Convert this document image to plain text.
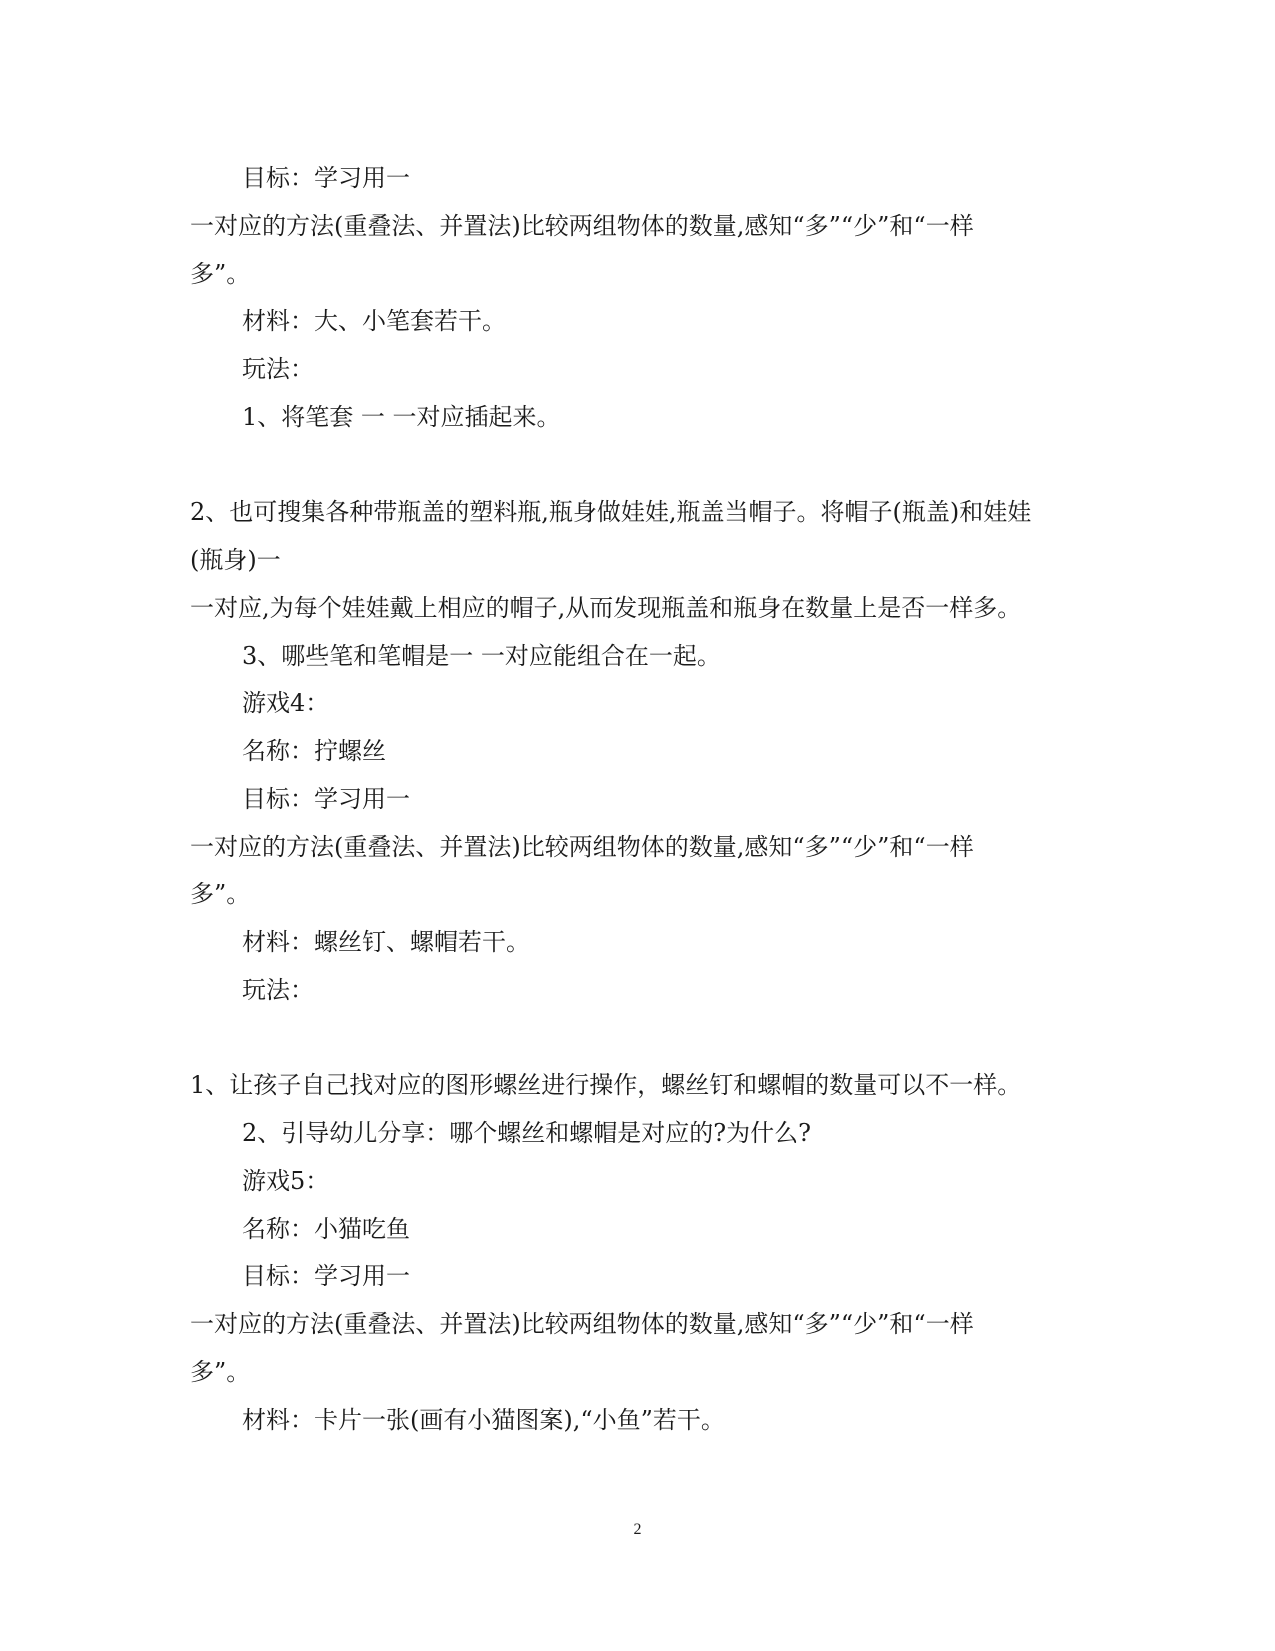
目标：学习用一
一对应的方法(重叠法、并置法)比较两组物体的数量,感知“多”“少”和“一样
多”。
材料：大、小笔套若干。
玩法：
1、将笔套 一 一对应插起来。
2、也可搜集各种带瓶盖的塑料瓶,瓶身做娃娃,瓶盖当帽子。将帽子(瓶盖)和娃娃
(瓶身)一
一对应,为每个娃娃戴上相应的帽子,从而发现瓶盖和瓶身在数量上是否一样多。
3、哪些笔和笔帽是一 一对应能组合在一起。
游戏4：
名称：拧螺丝
目标：学习用一
一对应的方法(重叠法、并置法)比较两组物体的数量,感知“多”“少”和“一样
多”。
材料：螺丝钉、螺帽若干。
玩法：
1、让孩子自己找对应的图形螺丝进行操作，螺丝钉和螺帽的数量可以不一样。
2、引导幼儿分享：哪个螺丝和螺帽是对应的?为什么?
游戏5：
名称：小猫吃鱼
目标：学习用一
一对应的方法(重叠法、并置法)比较两组物体的数量,感知“多”“少”和“一样
多”。
材料：卡片一张(画有小猫图案),“小鱼”若干。
2
